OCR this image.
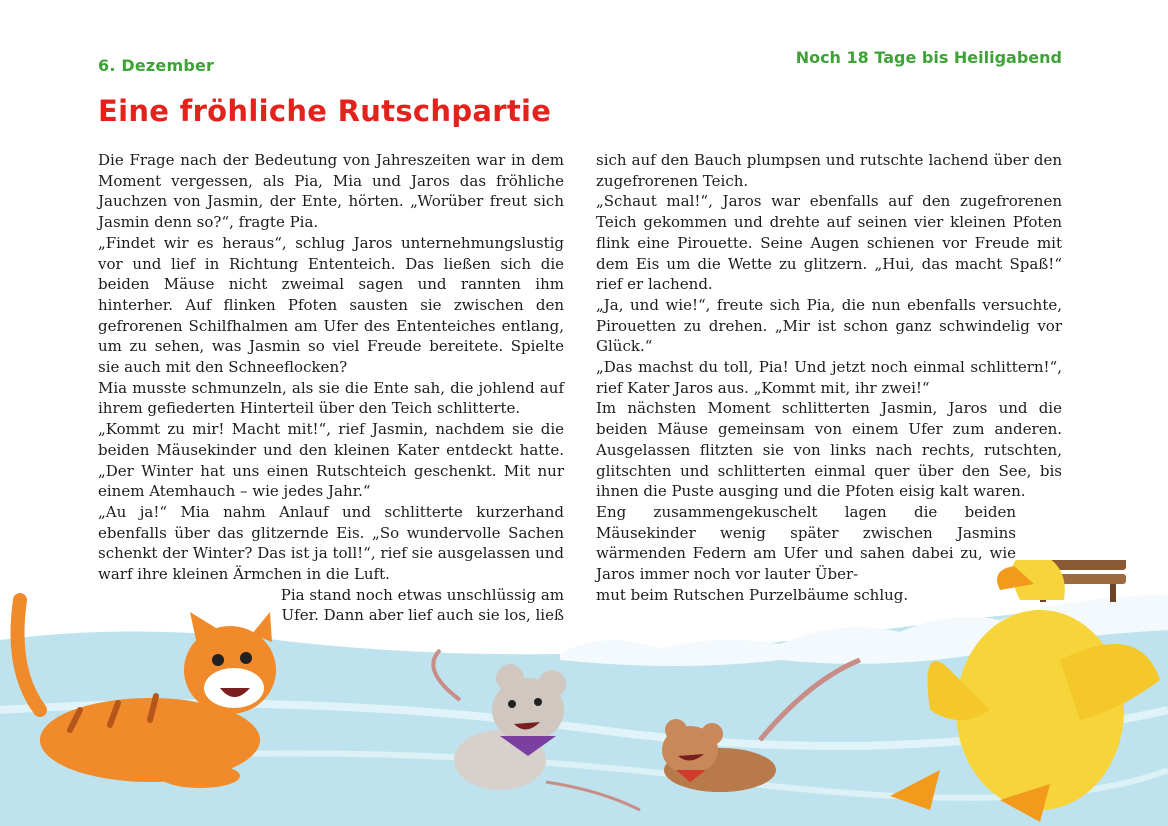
6. Dezember	Noch 18 Tage bis Heiligabend
Eine fröhliche Rutschpartie

Die Frage nach der Bedeutung von Jahreszeiten war in dem Moment vergessen, als Pia, Mia und Jaros das fröhliche Jauchzen von Jasmin, der Ente, hörten. „Worüber freut sich Jasmin denn so?“, fragte Pia.

„Findet wir es heraus“, schlug Jaros unternehmungslustig vor und lief in Richtung Ententeich. Das ließen sich die beiden Mäuse nicht zweimal sagen und rannten ihm hinterher. Auf flinken Pfoten sausten sie zwischen den gefrorenen Schilfhalmen am Ufer des Ententeiches entlang, um zu sehen, was Jasmin so viel Freude bereitete. Spielte sie auch mit den Schneeflocken?

Mia musste schmunzeln, als sie die Ente sah, die johlend auf ihrem gefiederten Hinterteil über den Teich schlitterte.

„Kommt zu mir! Macht mit!“, rief Jasmin, nachdem sie die beiden Mäusekinder und den kleinen Kater entdeckt hatte. „Der Winter hat uns einen Rutschteich geschenkt. Mit nur einem Atemhauch – wie jedes Jahr.“

„Au ja!“ Mia nahm Anlauf und schlitterte kurzerhand ebenfalls über das glitzernde Eis. „So wundervolle Sachen schenkt der Winter? Das ist ja toll!“, rief sie ausgelassen und warf ihre kleinen Ärmchen in die Luft.

Pia stand noch etwas unschlüssig am

Ufer. Dann aber lief auch sie los, ließ

sich auf den Bauch plumpsen und rutschte lachend über den zugefrorenen Teich.

„Schaut mal!“, Jaros war ebenfalls auf den zugefrorenen Teich gekommen und drehte auf seinen vier kleinen Pfoten flink eine Pirouette. Seine Augen schienen vor Freude mit dem Eis um die Wette zu glitzern. „Hui, das macht Spaß!“ rief er lachend.

„Ja, und wie!“, freute sich Pia, die nun ebenfalls versuchte, Pirouetten zu drehen. „Mir ist schon ganz schwindelig vor Glück.“

„Das machst du toll, Pia! Und jetzt noch einmal schlittern!“, rief Kater Jaros aus. „Kommt mit, ihr zwei!“

Im nächsten Moment schlitterten Jasmin, Jaros und die beiden Mäuse gemeinsam von einem Ufer zum anderen. Ausgelassen flitzten sie von links nach rechts, rutschten, glitschten und schlitterten einmal quer über den See, bis ihnen die Puste ausging und die Pfoten eisig kalt waren.

Eng zusammengekuschelt lagen die beiden Mäusekinder wenig später zwischen Jasmins wärmenden Federn am Ufer und sahen dabei zu, wie Jaros immer noch vor lauter Über-

mut beim Rutschen Purzelbäume schlug.
